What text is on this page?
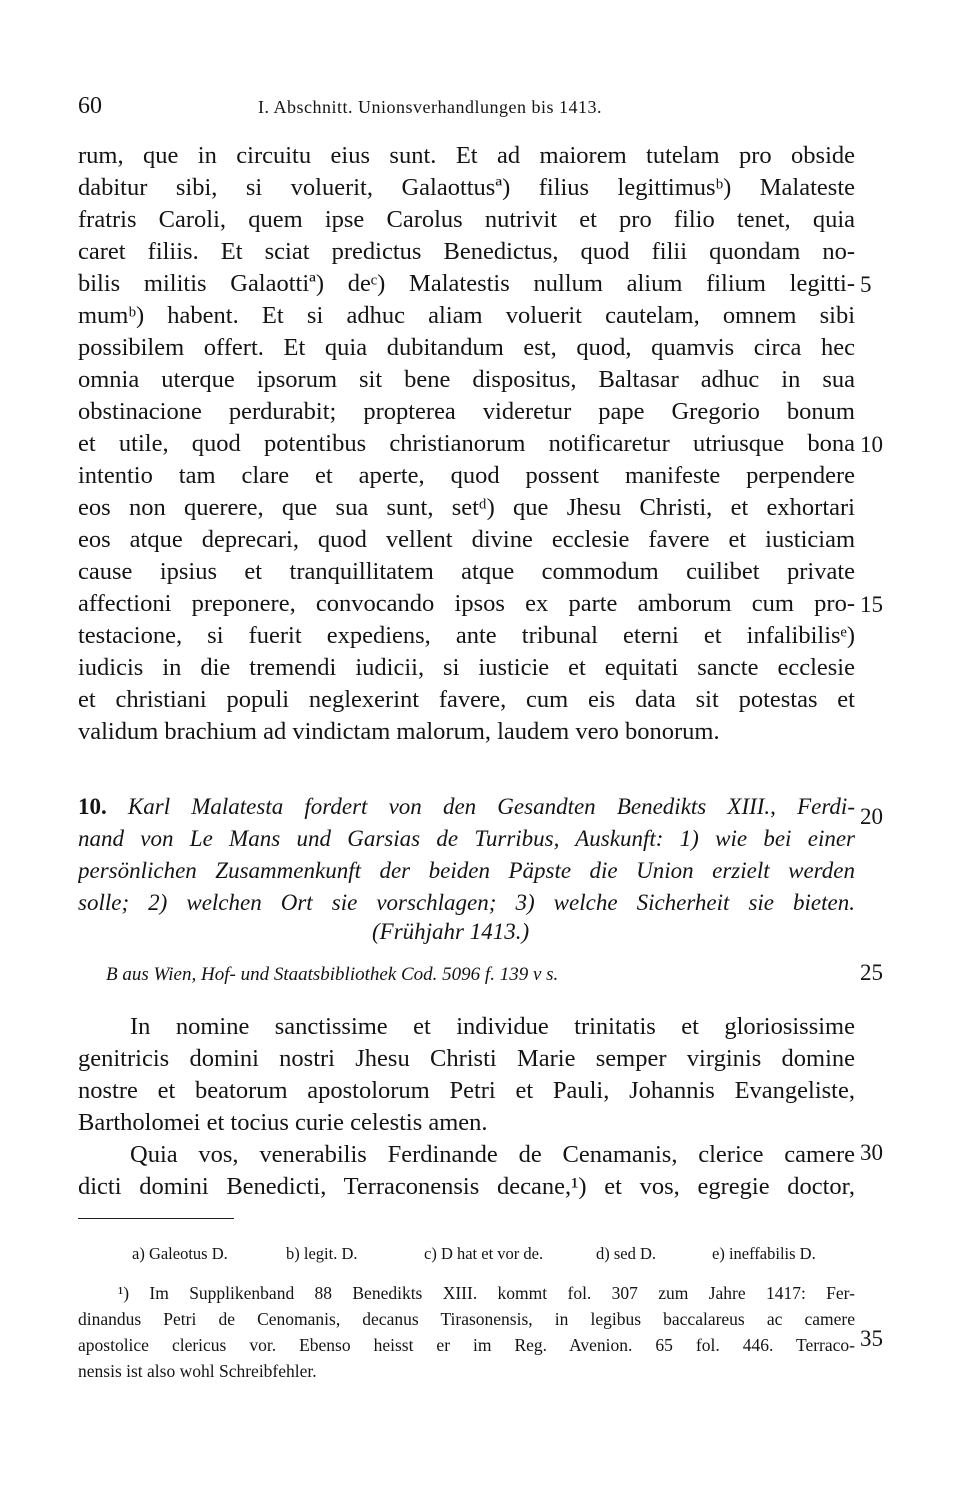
60	I. Abschnitt. Unionsverhandlungen bis 1413.
rum, que in circuitu eius sunt. Et ad maiorem tutelam pro obside
dabitur sibi, si voluerit, Galaottusª) filius legittimusᵇ) Malateste
fratris Caroli, quem ipse Carolus nutrivit et pro filio tenet, quia
caret filiis. Et sciat predictus Benedictus, quod filii quondam no-
bilis militis Galaottiª) deᶜ) Malatestis nullum alium filium legitti-
mumᵇ) habent. Et si adhuc aliam voluerit cautelam, omnem sibi
possibilem offert. Et quia dubitandum est, quod, quamvis circa hec
omnia uterque ipsorum sit bene dispositus, Baltasar adhuc in sua
obstinacione perdurabit; propterea videretur pape Gregorio bonum
et utile, quod potentibus christianorum notificaretur utriusque bona
intentio tam clare et aperte, quod possent manifeste perpendere
eos non querere, que sua sunt, setᵈ) que Jhesu Christi, et exhortari
eos atque deprecari, quod vellent divine ecclesie favere et iusticiam
cause ipsius et tranquillitatem atque commodum cuilibet private
affectioni preponere, convocando ipsos ex parte amborum cum pro-
testacione, si fuerit expediens, ante tribunal eterni et infalibilisᵉ)
iudicis in die tremendi iudicii, si iusticie et equitati sancte ecclesie
et christiani populi neglexerint favere, cum eis data sit potestas et
validum brachium ad vindictam malorum, laudem vero bonorum.
5
10
15
20
25
30
35
10. Karl Malatesta fordert von den Gesandten Benedikts XIII., Ferdi-
nand von Le Mans und Garsias de Turribus, Auskunft: 1) wie bei einer
persönlichen Zusammenkunft der beiden Päpste die Union erzielt werden
solle; 2) welchen Ort sie vorschlagen; 3) welche Sicherheit sie bieten.
(Frühjahr 1413.)
B aus Wien, Hof- und Staatsbibliothek Cod. 5096 f. 139 v s.
In nomine sanctissime et individue trinitatis et gloriosissime
genitricis domini nostri Jhesu Christi Marie semper virginis domine
nostre et beatorum apostolorum Petri et Pauli, Johannis Evangeliste,
Bartholomei et tocius curie celestis amen.
Quia vos, venerabilis Ferdinande de Cenamanis, clerice camere
dicti domini Benedicti, Terraconensis decane,¹) et vos, egregie doctor,
a) Galeotus D.	b) legit. D.	c) D hat et vor de.	d) sed D.	e) ineffabilis D.
¹) Im Supplikenband 88 Benedikts XIII. kommt fol. 307 zum Jahre 1417: Fer-
dinandus Petri de Cenomanis, decanus Tirasonensis, in legibus baccalareus ac camere
apostolice clericus vor. Ebenso heisst er im Reg. Avenion. 65 fol. 446. Terraco-
nensis ist also wohl Schreibfehler.
